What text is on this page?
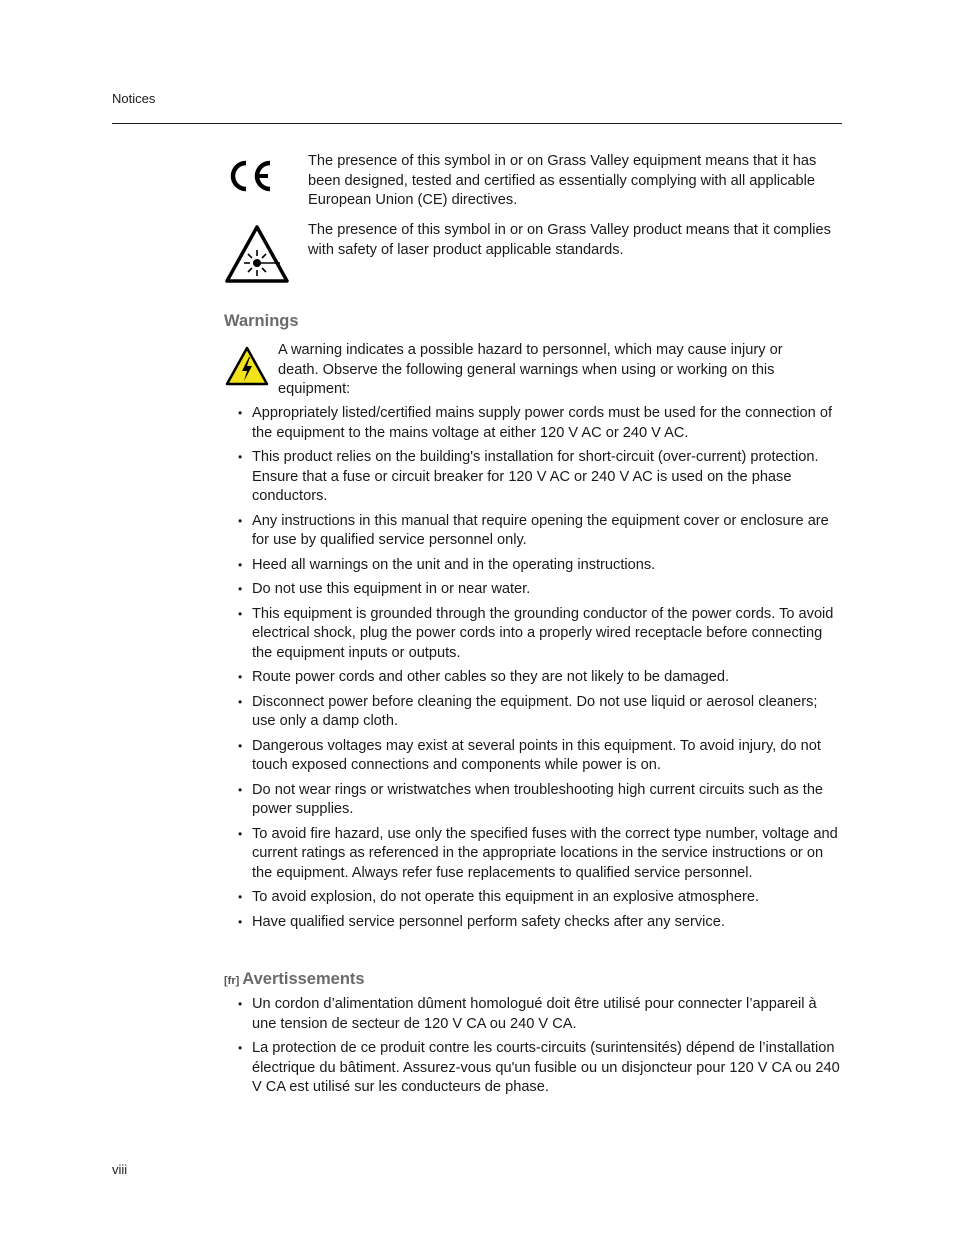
Notices
The presence of this symbol in or on Grass Valley equipment means that it has been designed, tested and certified as essentially complying with all applicable European Union (CE) directives.
The presence of this symbol in or on Grass Valley product means that it complies with safety of laser product applicable standards.
Warnings
A warning indicates a possible hazard to personnel, which may cause injury or death. Observe the following general warnings when using or working on this equipment:
• Appropriately listed/certified mains supply power cords must be used for the connection of the equipment to the mains voltage at either 120 V AC or 240 V AC.
• This product relies on the building's installation for short-circuit (over-current) protection. Ensure that a fuse or circuit breaker for 120 V AC or 240 V AC is used on the phase conductors.
• Any instructions in this manual that require opening the equipment cover or enclosure are for use by qualified service personnel only.
• Heed all warnings on the unit and in the operating instructions.
• Do not use this equipment in or near water.
• This equipment is grounded through the grounding conductor of the power cords. To avoid electrical shock, plug the power cords into a properly wired receptacle before connecting the equipment inputs or outputs.
• Route power cords and other cables so they are not likely to be damaged.
• Disconnect power before cleaning the equipment. Do not use liquid or aerosol cleaners; use only a damp cloth.
• Dangerous voltages may exist at several points in this equipment. To avoid injury, do not touch exposed connections and components while power is on.
• Do not wear rings or wristwatches when troubleshooting high current circuits such as the power supplies.
• To avoid fire hazard, use only the specified fuses with the correct type number, voltage and current ratings as referenced in the appropriate locations in the service instructions or on the equipment. Always refer fuse replacements to qualified service personnel.
• To avoid explosion, do not operate this equipment in an explosive atmosphere.
• Have qualified service personnel perform safety checks after any service.
[fr] Avertissements
• Un cordon d’alimentation dûment homologué doit être utilisé pour connecter l’appareil à une tension de secteur de 120 V CA ou 240 V CA.
• La protection de ce produit contre les courts-circuits (surintensités) dépend de l’installation électrique du bâtiment. Assurez-vous qu'un fusible ou un disjoncteur pour 120 V CA ou 240 V CA est utilisé sur les conducteurs de phase.
viii
